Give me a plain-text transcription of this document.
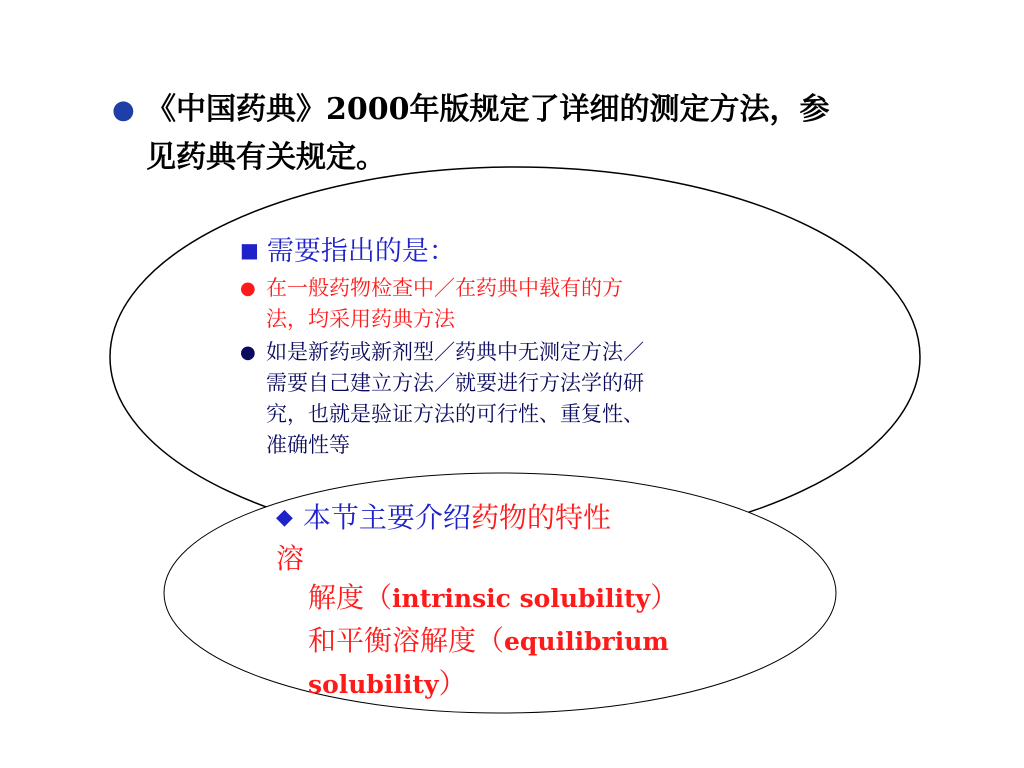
● 《中国药典》2000年版规定了详细的测定方法，参
见药典有关规定。
■ 需要指出的是：
● 在一般药物检查中／在药典中载有的方
法，均采用药典方法
● 如是新药或新剂型／药典中无测定方法／
需要自己建立方法／就要进行方法学的研
究，也就是验证方法的可行性、重复性、
准确性等
◆ 本节主要介绍药物的特性
溶
解度（intrinsic solubility）
和平衡溶解度（equilibrium
solubility）
